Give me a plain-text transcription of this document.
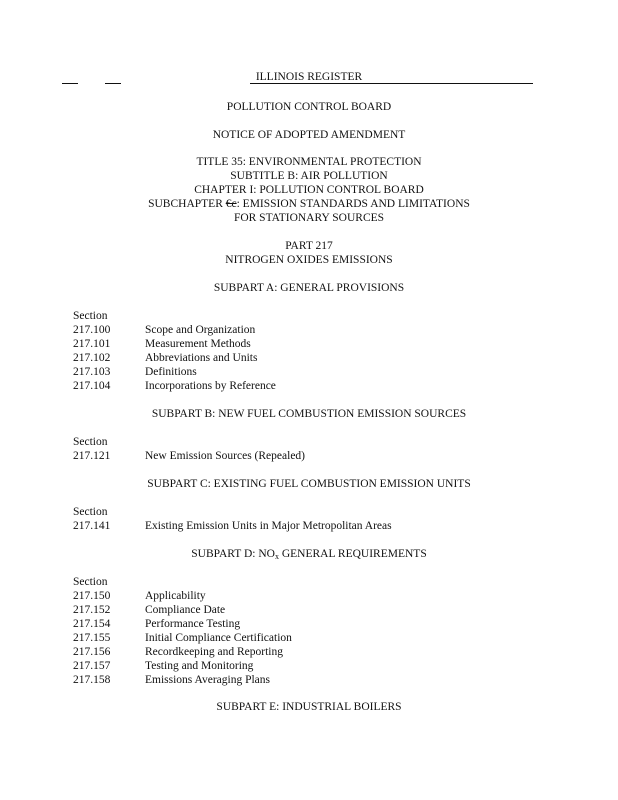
ILLINOIS REGISTER
POLLUTION CONTROL BOARD
NOTICE OF ADOPTED AMENDMENT
TITLE 35: ENVIRONMENTAL PROTECTION
SUBTITLE B: AIR POLLUTION
CHAPTER I: POLLUTION CONTROL BOARD
SUBCHAPTER €c: EMISSION STANDARDS AND LIMITATIONS
FOR STATIONARY SOURCES
PART 217
NITROGEN OXIDES EMISSIONS
SUBPART A: GENERAL PROVISIONS
Section
217.100	Scope and Organization
217.101	Measurement Methods
217.102	Abbreviations and Units
217.103	Definitions
217.104	Incorporations by Reference
SUBPART B: NEW FUEL COMBUSTION EMISSION SOURCES
Section
217.121	New Emission Sources (Repealed)
SUBPART C: EXISTING FUEL COMBUSTION EMISSION UNITS
Section
217.141	Existing Emission Units in Major Metropolitan Areas
SUBPART D: $NO_x$ GENERAL REQUIREMENTS
Section
217.150	Applicability
217.152	Compliance Date
217.154	Performance Testing
217.155	Initial Compliance Certification
217.156	Recordkeeping and Reporting
217.157	Testing and Monitoring
217.158	Emissions Averaging Plans
SUBPART E: INDUSTRIAL BOILERS
